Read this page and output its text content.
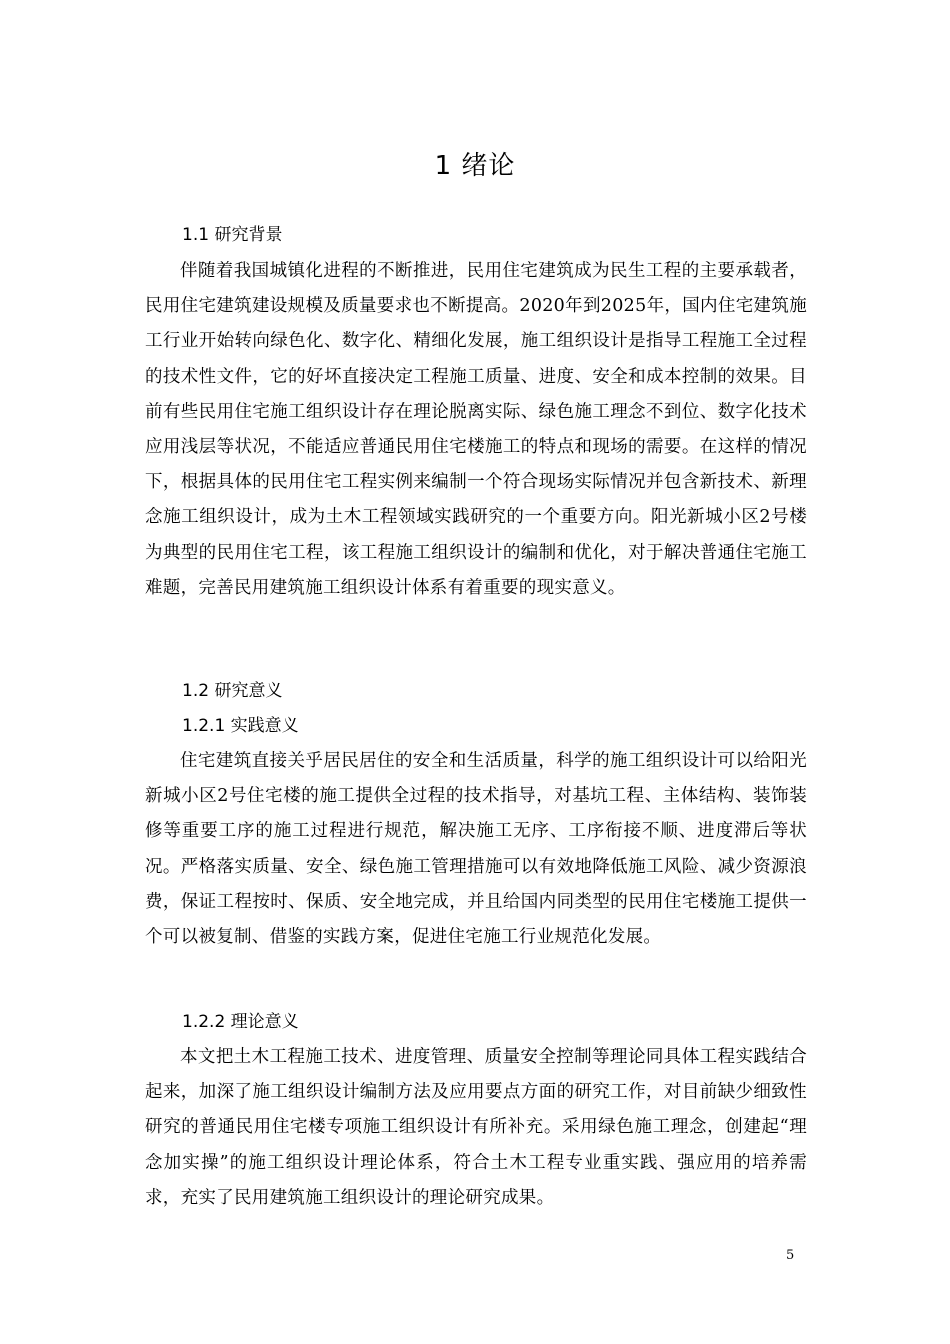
1 绪论
1.1 研究背景

伴随着我国城镇化进程的不断推进，民用住宅建筑成为民生工程的主要承载者，民用住宅建筑建设规模及质量要求也不断提高。2020年到2025年，国内住宅建筑施工行业开始转向绿色化、数字化、精细化发展，施工组织设计是指导工程施工全过程的技术性文件，它的好坏直接决定工程施工质量、进度、安全和成本控制的效果。目前有些民用住宅施工组织设计存在理论脱离实际、绿色施工理念不到位、数字化技术应用浅层等状况，不能适应普通民用住宅楼施工的特点和现场的需要。在这样的情况下，根据具体的民用住宅工程实例来编制一个符合现场实际情况并包含新技术、新理念施工组织设计，成为土木工程领域实践研究的一个重要方向。阳光新城小区2号楼为典型的民用住宅工程，该工程施工组织设计的编制和优化，对于解决普通住宅施工难题，完善民用建筑施工组织设计体系有着重要的现实意义。

1.2 研究意义
1.2.1 实践意义

住宅建筑直接关乎居民居住的安全和生活质量，科学的施工组织设计可以给阳光新城小区2号住宅楼的施工提供全过程的技术指导，对基坑工程、主体结构、装饰装修等重要工序的施工过程进行规范，解决施工无序、工序衔接不顺、进度滞后等状况。严格落实质量、安全、绿色施工管理措施可以有效地降低施工风险、减少资源浪费，保证工程按时、保质、安全地完成，并且给国内同类型的民用住宅楼施工提供一个可以被复制、借鉴的实践方案，促进住宅施工行业规范化发展。

1.2.2 理论意义

本文把土木工程施工技术、进度管理、质量安全控制等理论同具体工程实践结合起来，加深了施工组织设计编制方法及应用要点方面的研究工作，对目前缺少细致性研究的普通民用住宅楼专项施工组织设计有所补充。采用绿色施工理念，创建起“理念加实操”的施工组织设计理论体系，符合土木工程专业重实践、强应用的培养需求，充实了民用建筑施工组织设计的理论研究成果。

5
